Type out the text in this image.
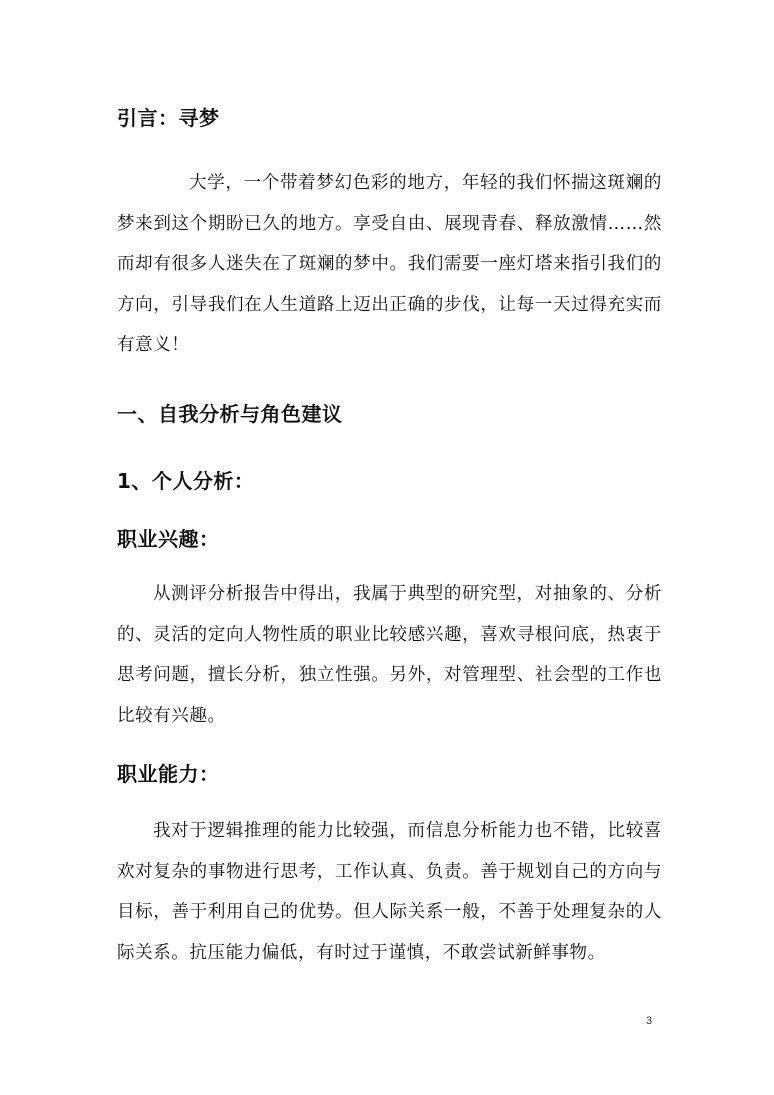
引言：寻梦
大学，一个带着梦幻色彩的地方，年轻的我们怀揣这斑斓的梦来到这个期盼已久的地方。享受自由、展现青春、释放激情……然而却有很多人迷失在了斑斓的梦中。我们需要一座灯塔来指引我们的方向，引导我们在人生道路上迈出正确的步伐，让每一天过得充实而有意义！
一、自我分析与角色建议
1、个人分析：
职业兴趣：
从测评分析报告中得出，我属于典型的研究型，对抽象的、分析的、灵活的定向人物性质的职业比较感兴趣，喜欢寻根问底，热衷于思考问题，擅长分析，独立性强。另外，对管理型、社会型的工作也比较有兴趣。
职业能力：
我对于逻辑推理的能力比较强，而信息分析能力也不错，比较喜欢对复杂的事物进行思考，工作认真、负责。善于规划自己的方向与目标，善于利用自己的优势。但人际关系一般，不善于处理复杂的人际关系。抗压能力偏低，有时过于谨慎，不敢尝试新鲜事物。
3
